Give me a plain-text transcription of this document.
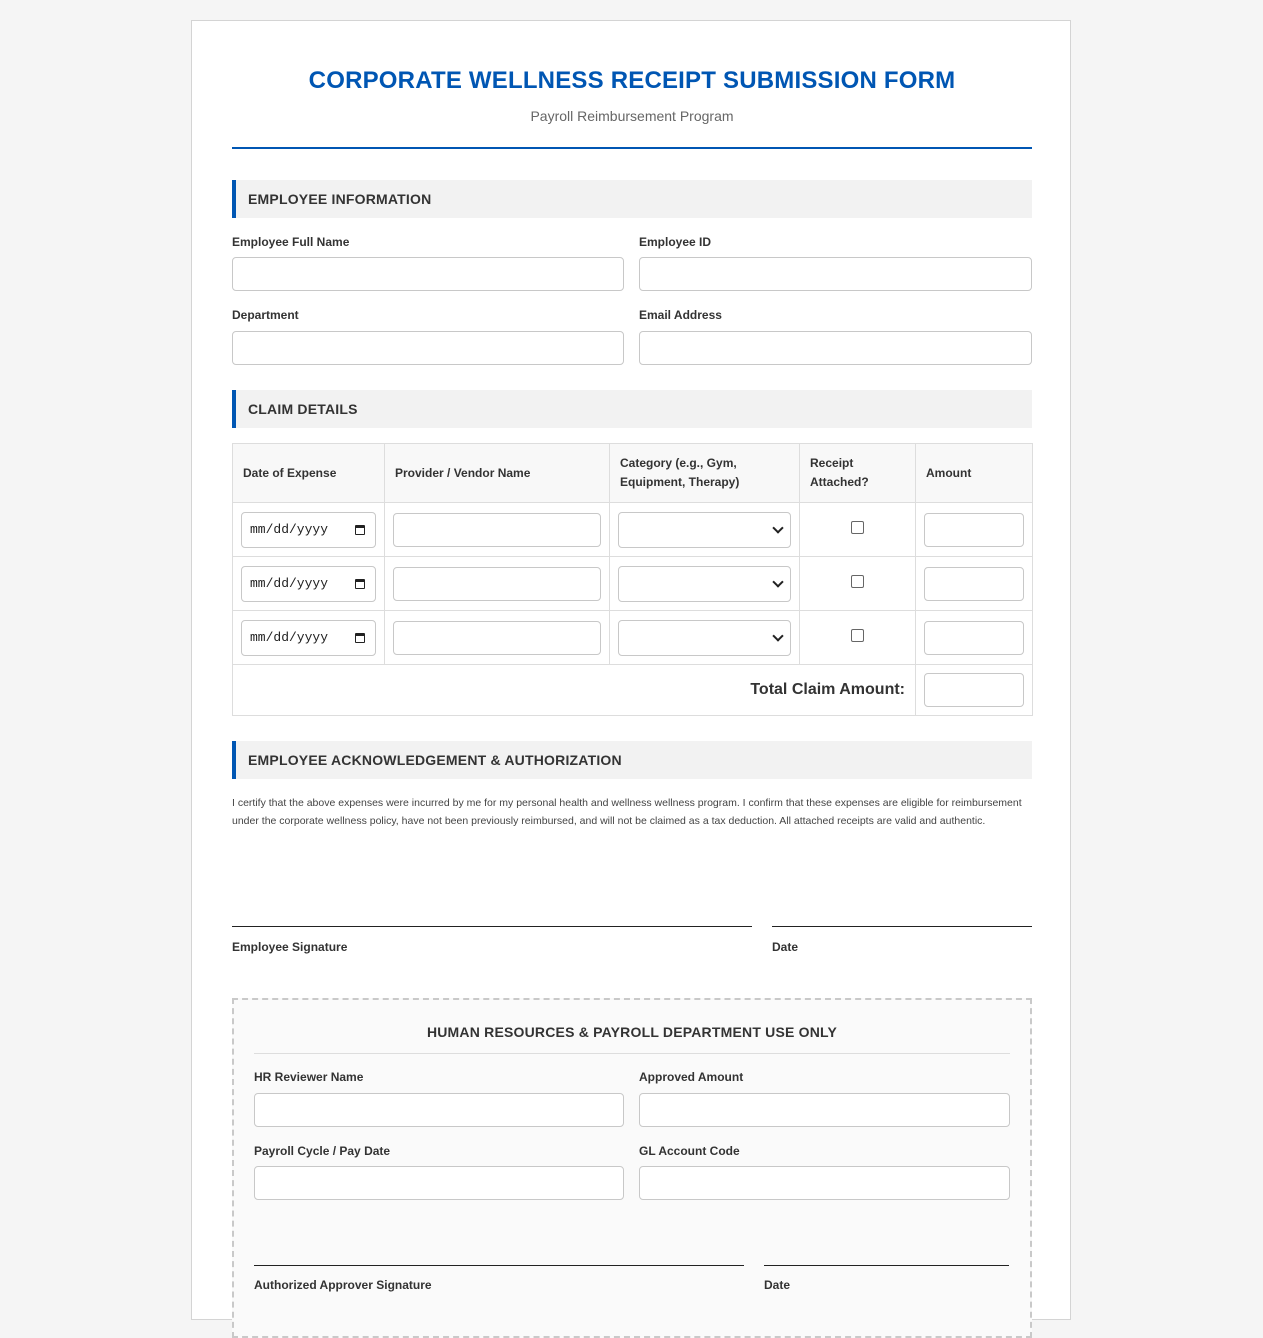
CORPORATE WELLNESS RECEIPT SUBMISSION FORM
Payroll Reimbursement Program
EMPLOYEE INFORMATION
Employee Full Name	Employee ID
Department	Email Address
CLAIM DETAILS
Date of Expense	Provider / Vendor Name	Category (e.g., Gym, Equipment, Therapy)	Receipt Attached?	Amount

mm/dd/yyyy

mm/dd/yyyy

mm/dd/yyyy

Total Claim Amount:	
EMPLOYEE ACKNOWLEDGEMENT & AUTHORIZATION
I certify that the above expenses were incurred by me for my personal health and wellness wellness program. I confirm that these expenses are eligible for reimbursement under the corporate wellness policy, have not been previously reimbursed, and will not be claimed as a tax deduction. All attached receipts are valid and authentic.
Employee Signature	Date
HUMAN RESOURCES & PAYROLL DEPARTMENT USE ONLY
HR Reviewer Name	Approved Amount
Payroll Cycle / Pay Date	GL Account Code
Authorized Approver Signature	Date
